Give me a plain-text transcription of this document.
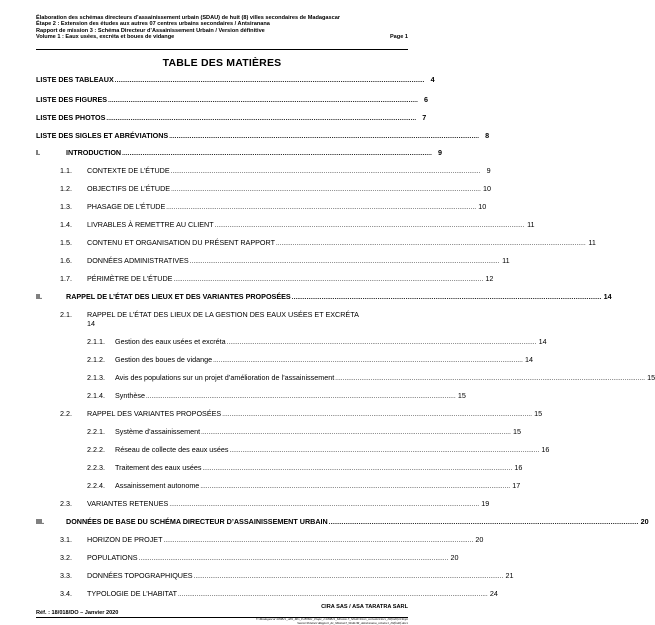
Élaboration des schémas directeurs d’assainissement urbain (SDAU) de huit (8) villes secondaires de Madagascar
Étape 2 : Extension des études aux autres 07 centres urbains secondaires / Antsiranana
Rapport de mission 3 : Schéma Directeur d’Assainissement Urbain / Version définitive
Volume 1 : Eaux usées, excréta et boues de vidange	Page 1
TABLE DES MATIÈRES
LISTE DES TABLEAUX ...................................................................................................................................................................... 4
LISTE DES FIGURES ...................................................................................................................................................................... 6
LISTE DES PHOTOS ...................................................................................................................................................................... 7
LISTE DES SIGLES ET ABRÉVIATIONS ...................................................................................................................................................................... 8
I.	INTRODUCTION ...................................................................................................................................................................... 9
1.1.	CONTEXTE DE L’ÉTUDE ...................................................................................................................................................................... 9
1.2.	OBJECTIFS DE L’ÉTUDE ...................................................................................................................................................................... 10
1.3.	PHASAGE DE L’ÉTUDE ...................................................................................................................................................................... 10
1.4.	LIVRABLES À REMETTRE AU CLIENT ...................................................................................................................................................................... 11
1.5.	CONTENU ET ORGANISATION DU PRÉSENT RAPPORT ...................................................................................................................................................................... 11
1.6.	DONNÉES ADMINISTRATIVES ...................................................................................................................................................................... 11
1.7.	PÉRIMÈTRE DE L’ÉTUDE ...................................................................................................................................................................... 12
II.	RAPPEL DE L’ÉTAT DES LIEUX ET DES VARIANTES PROPOSÉES ...................................................................................................................................................................... 14
2.1.	RAPPEL DE L’ÉTAT DES LIEUX DE LA GESTION DES EAUX USÉES ET EXCRÉTA
14
2.1.1.	Gestion des eaux usées et excréta ...................................................................................................................................................................... 14
2.1.2.	Gestion des boues de vidange ...................................................................................................................................................................... 14
2.1.3.	Avis des populations sur un projet d’amélioration de l’assainissement ...................................................................................................................................................................... 15
2.1.4.	Synthèse ...................................................................................................................................................................... 15
2.2.	RAPPEL DES VARIANTES PROPOSÉES ...................................................................................................................................................................... 15
2.2.1.	Système d’assainissement ...................................................................................................................................................................... 15
2.2.2.	Réseau de collecte des eaux usées ...................................................................................................................................................................... 16
2.2.3.	Traitement des eaux usées ...................................................................................................................................................................... 16
2.2.4.	Assainissement autonome ...................................................................................................................................................................... 17
2.3.	VARIANTES RETENUES ...................................................................................................................................................................... 19
III.	DONNÉES DE BASE DU SCHÉMA DIRECTEUR D’ASSAINISSEMENT URBAIN ...................................................................................................................................................................... 20
3.1.	HORIZON DE PROJET ...................................................................................................................................................................... 20
3.2.	POPULATIONS ...................................................................................................................................................................... 20
3.3.	DONNÉES TOPOGRAPHIQUES ...................................................................................................................................................................... 21
3.4.	TYPOLOGIE DE L’HABITAT ...................................................................................................................................................................... 24
CIRA SAS / ASA TARATRA SARL
Réf. : 18/018/DO – Janvier 2020
V:\Madagascar\180821_ASS_MG_E180821_Etape_2\180821_Mission 3_SDAU\Docs_sortants\Docs_Définitifs\Diego
Suarez\Volume1\Rapport_de_Mission3_SDAUM_Antsiranana_volume1_Définitif.docx
